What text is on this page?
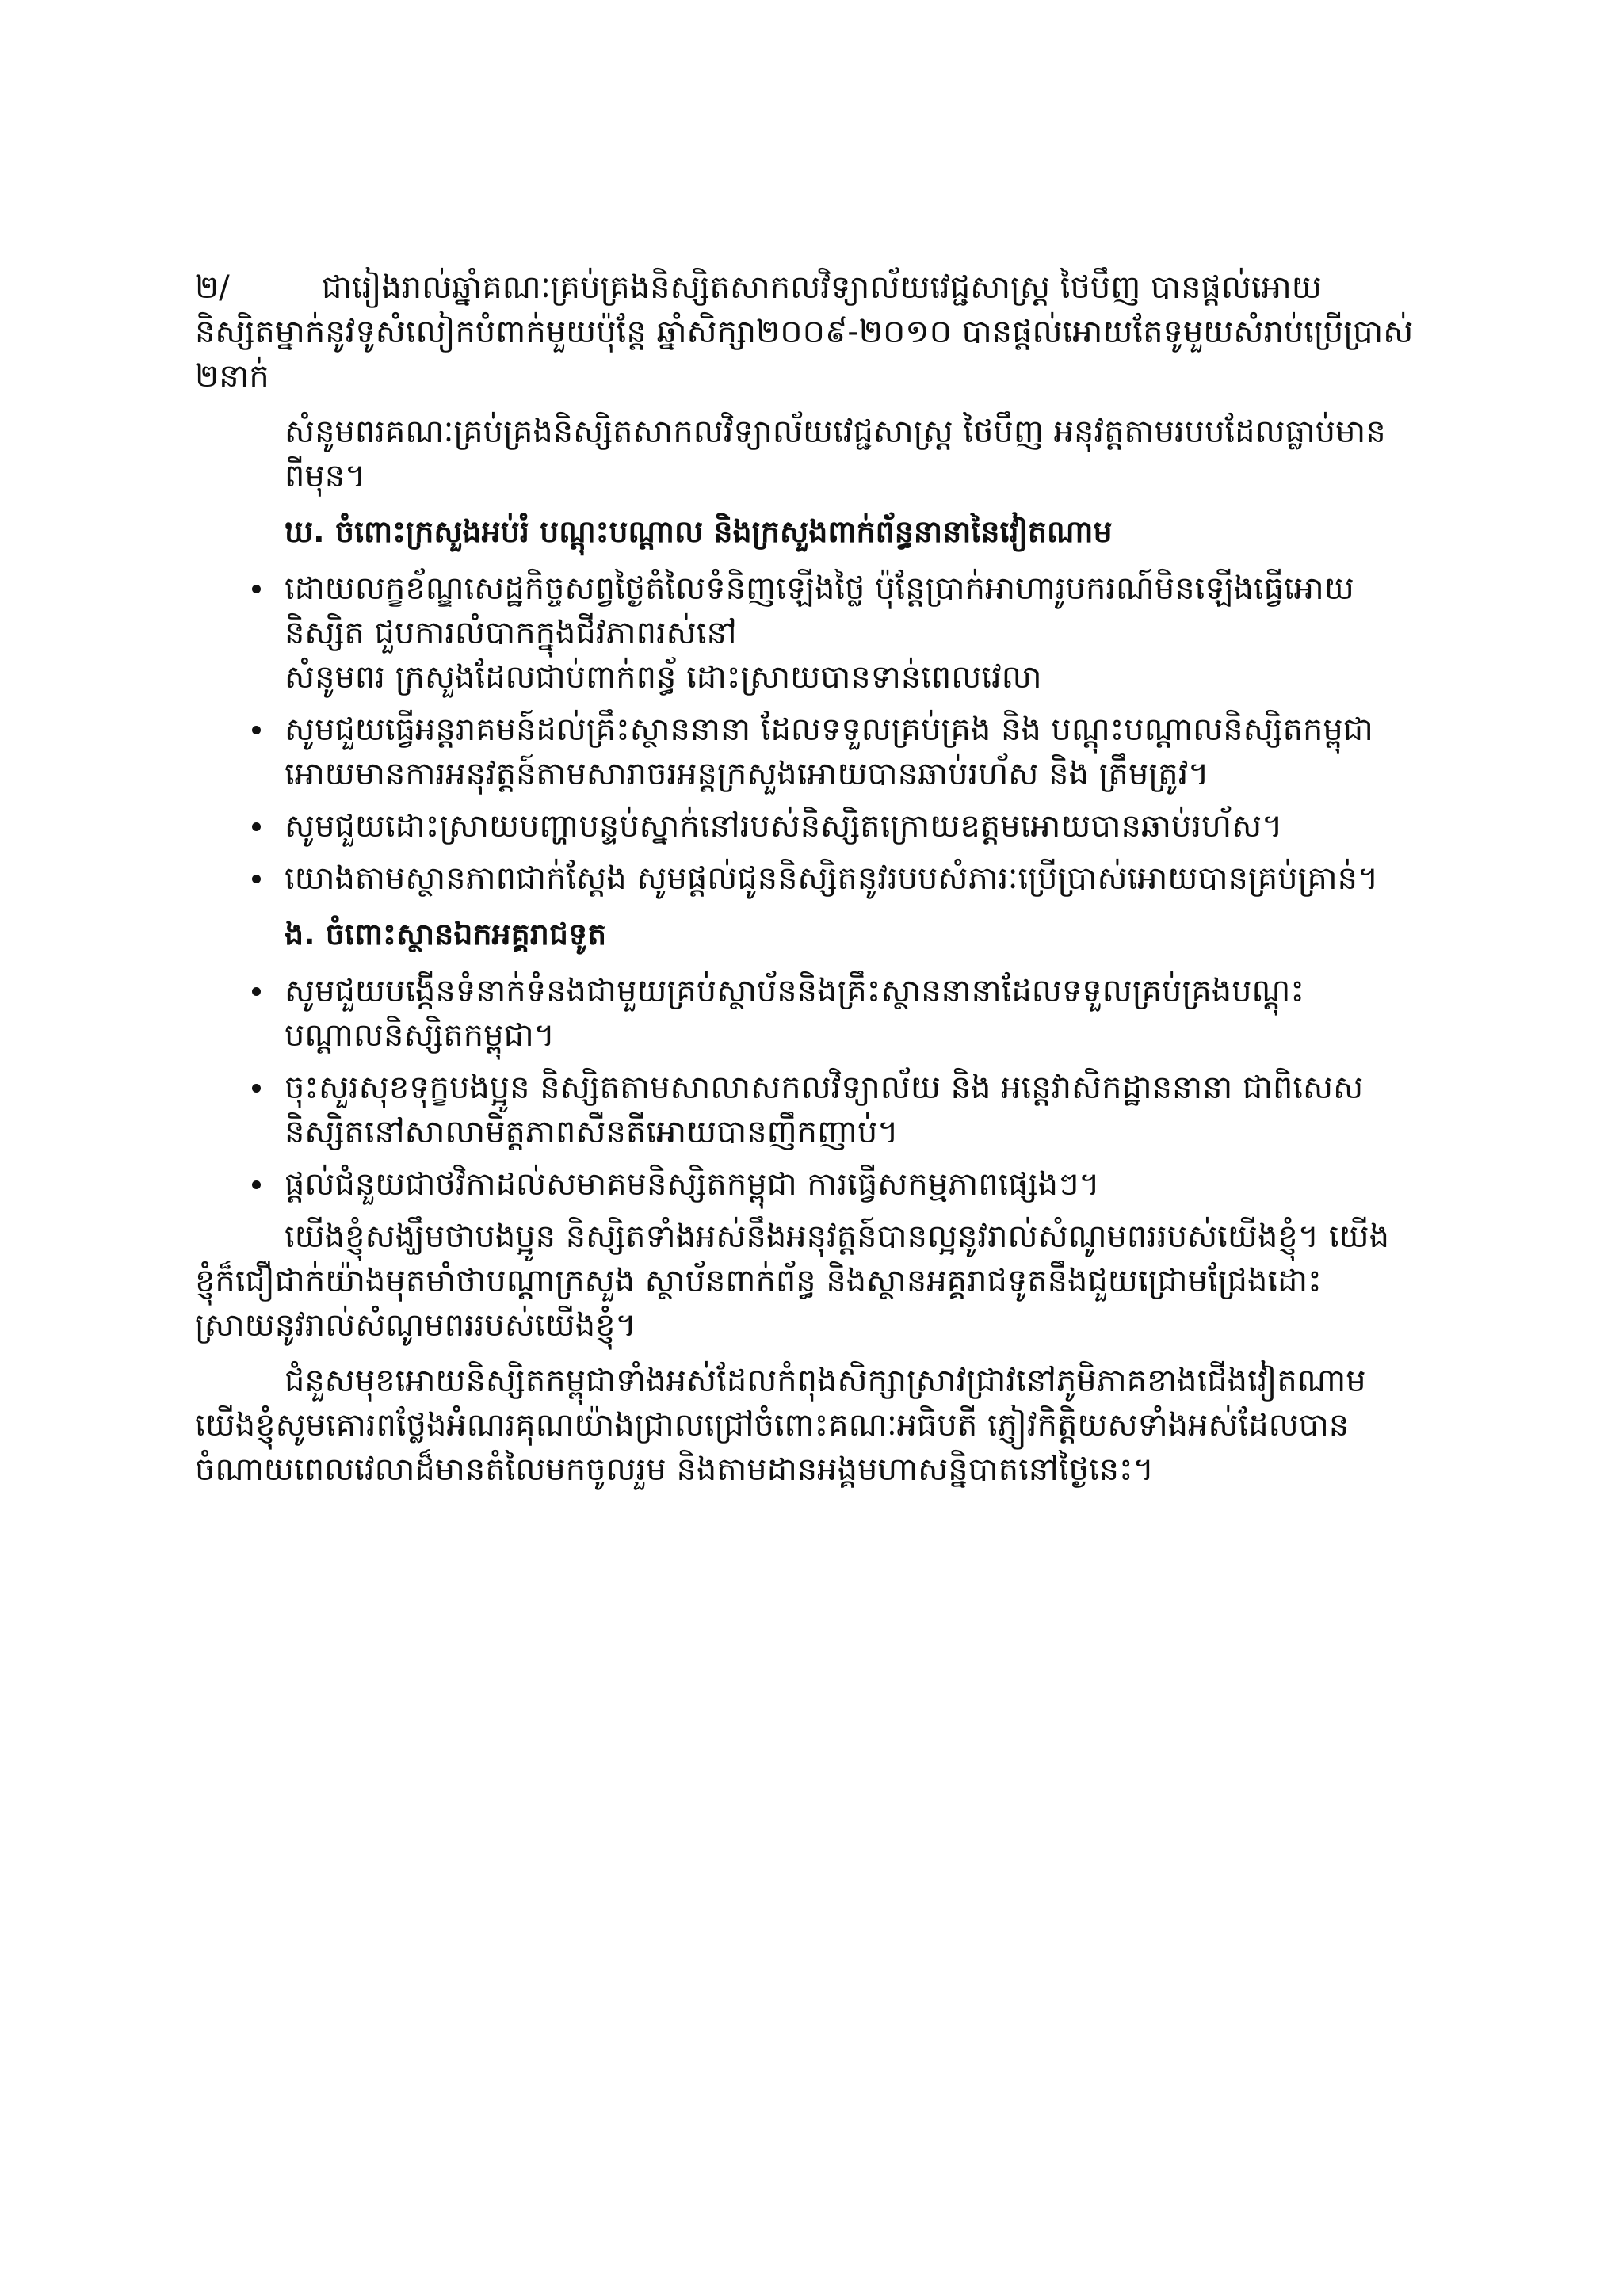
២/	ជារៀងរាល់ឆ្នាំគណៈគ្រប់គ្រងនិស្សិតសាកលវិទ្យាល័យវេជ្ជសាស្រ្ត ថៃបឹញ បានផ្តល់អោយ

និស្សិតម្នាក់នូវទូសំលៀកបំពាក់មួយប៉ុន្តែ ឆ្នាំសិក្សា២០០៩-២០១០ បានផ្តល់អោយតែទូមួយសំរាប់ប្រើប្រាស់

២នាក់

សំនូមពរគណៈគ្រប់គ្រងនិស្សិតសាកលវិទ្យាល័យវេជ្ជសាស្រ្ត ថៃបឹញ អនុវត្តតាមរបបដែលធ្លាប់មាន

ពីមុន។

ឃ. ចំពោះក្រសួងអប់រំ បណ្តុះបណ្តាល និងក្រសួងពាក់ព័ន្ធនានានៃវៀតណាម
ដោយលក្ខខ័ណ្ឌសេដ្ឋកិច្ចសព្វថ្ងៃតំលៃទំនិញឡើងថ្លៃ ប៉ុន្តែប្រាក់អាហារូបករណ៍មិនឡើងធ្វើអោយ
និស្សិត ជួបការលំបាកក្នុងជីវភាពរស់នៅ
សំនូមពរ ក្រសួងដែលជាប់ពាក់ពន្ធ័ ដោះស្រាយបានទាន់ពេលវេលា
សូមជួយធ្វើអន្តរាគមន៍ដល់គ្រឹះស្ថាននានា ដែលទទួលគ្រប់គ្រង និង បណ្តុះបណ្តាលនិស្សិតកម្ពុជា
អោយមានការអនុវត្តន៍តាមសារាចរអន្តក្រសួងអោយបានឆាប់រហ័ស និង ត្រឹមត្រូវ។
សូមជួយដោះស្រាយបញ្ហាបន្ទប់ស្នាក់នៅរបស់និស្សិតក្រោយឧត្តមអោយបានឆាប់រហ័ស។
យោងតាមស្ថានភាពជាក់ស្តែង សូមផ្តល់ជូននិស្សិតនូវរបបសំភារៈប្រើប្រាស់អោយបានគ្រប់គ្រាន់។
ង. ចំពោះស្ថានឯកអគ្គរាជទូត
សូមជួយបង្កើនទំនាក់ទំនងជាមួយគ្រប់ស្ថាប័ននិងគ្រឹះស្ថាននានាដែលទទួលគ្រប់គ្រងបណ្តុះ
បណ្តាលនិស្សិតកម្ពុជា។
ចុះសួរសុខទុក្ខបងប្អូន និស្សិតតាមសាលាសកលវិទ្យាល័យ និង អន្តេវាសិកដ្ឋាននានា ជាពិសេស
និស្សិតនៅសាលាមិត្តភាពសឺនតីអោយបានញឹកញាប់។
ផ្តល់ជំនួយជាថវិកាដល់សមាគមនិស្សិតកម្ពុជា ការធ្វើសកម្មភាពផ្សេងៗ។

យើងខ្ញុំសង្ឃឹមថាបងប្អូន និស្សិតទាំងអស់នឹងអនុវត្តន៍បានល្អនូវរាល់សំណូមពររបស់យើងខ្ញុំ។ យើង

ខ្ញុំក៏ជឿជាក់យ៉ាងមុតមាំថាបណ្តាក្រសួង ស្ថាប័នពាក់ព័ន្ធ និងស្ថានអគ្គរាជទូតនឹងជួយជ្រោមជ្រែងដោះ

ស្រាយនូវរាល់សំណូមពររបស់យើងខ្ញុំ។

ជំនួសមុខអោយនិស្សិតកម្ពុជាទាំងអស់ដែលកំពុងសិក្សាស្រាវជ្រាវនៅភូមិភាគខាងជើងវៀតណាម

យើងខ្ញុំសូមគោរពថ្លែងអំណរគុណយ៉ាងជ្រាលជ្រៅចំពោះគណៈអធិបតី ភ្ញៀវកិត្តិយសទាំងអស់ដែលបាន

ចំណាយពេលវេលាដ៏មានតំលៃមកចូលរួម និងតាមដានអង្គមហាសន្និបាតនៅថ្ងៃនេះ។
